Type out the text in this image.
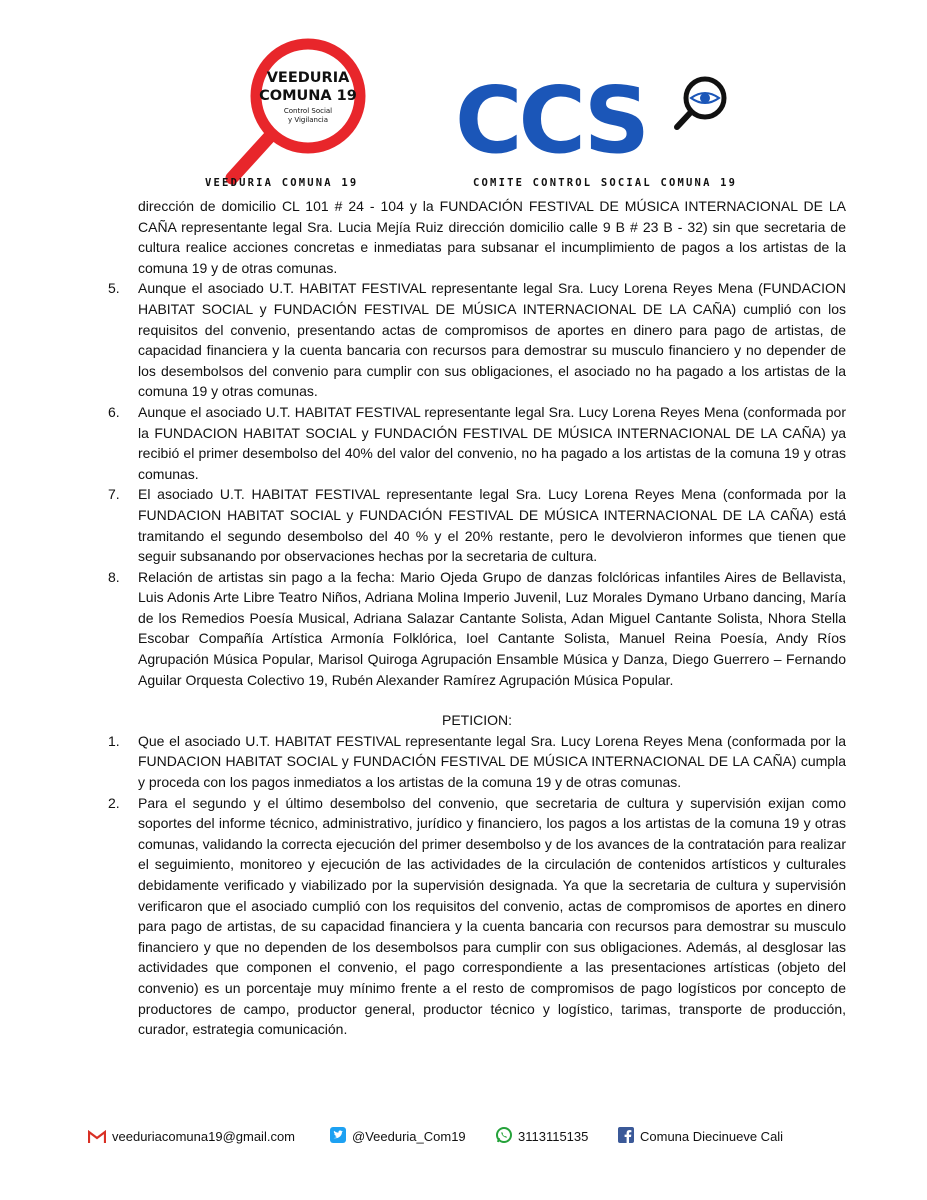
VEEDURIA
COMUNA 19
Control Social
y Vigilancia
VEEDURIA COMUNA 19
CCS
COMITE CONTROL SOCIAL COMUNA 19

dirección de domicilio CL 101 # 24 - 104 y la FUNDACIÓN FESTIVAL DE MÚSICA INTERNACIONAL DE LA CAÑA representante legal Sra. Lucia Mejía Ruiz dirección domicilio calle 9 B # 23 B - 32) sin que secretaria de cultura realice acciones concretas e inmediatas para subsanar el incumplimiento de pagos a los artistas de la comuna 19 y de otras comunas.

5.	Aunque el asociado U.T. HABITAT FESTIVAL representante legal Sra. Lucy Lorena Reyes Mena (FUNDACION HABITAT SOCIAL y FUNDACIÓN FESTIVAL DE MÚSICA INTERNACIONAL DE LA CAÑA) cumplió con los requisitos del convenio, presentando actas de compromisos de aportes en dinero para pago de artistas, de capacidad financiera y la cuenta bancaria con recursos para demostrar su musculo financiero y no depender de los desembolsos del convenio para cumplir con sus obligaciones, el asociado no ha pagado a los artistas de la comuna 19 y otras comunas.
6.	Aunque el asociado U.T. HABITAT FESTIVAL representante legal Sra. Lucy Lorena Reyes Mena (conformada por la FUNDACION HABITAT SOCIAL y FUNDACIÓN FESTIVAL DE MÚSICA INTERNACIONAL DE LA CAÑA) ya recibió el primer desembolso del 40% del valor del convenio, no ha pagado a los artistas de la comuna 19 y otras comunas.
7.	El asociado U.T. HABITAT FESTIVAL representante legal Sra. Lucy Lorena Reyes Mena (conformada por la FUNDACION HABITAT SOCIAL y FUNDACIÓN FESTIVAL DE MÚSICA INTERNACIONAL DE LA CAÑA) está tramitando el segundo desembolso del 40 % y el 20% restante, pero le devolvieron informes que tienen que seguir subsanando por observaciones hechas por la secretaria de cultura.
8.	Relación de artistas sin pago a la fecha: Mario Ojeda Grupo de danzas folclóricas infantiles Aires de Bellavista, Luis Adonis Arte Libre Teatro Niños, Adriana Molina Imperio Juvenil, Luz Morales Dymano Urbano dancing, María de los Remedios Poesía Musical, Adriana Salazar Cantante Solista, Adan Miguel Cantante Solista, Nhora Stella Escobar Compañía Artística Armonía Folklórica, Ioel Cantante Solista, Manuel Reina Poesía, Andy Ríos Agrupación Música Popular, Marisol Quiroga Agrupación Ensamble Música y Danza, Diego Guerrero – Fernando Aguilar Orquesta Colectivo 19, Rubén Alexander Ramírez Agrupación Música Popular.
PETICION:
1.	Que el asociado U.T. HABITAT FESTIVAL representante legal Sra. Lucy Lorena Reyes Mena (conformada por la FUNDACION HABITAT SOCIAL y FUNDACIÓN FESTIVAL DE MÚSICA INTERNACIONAL DE LA CAÑA) cumpla y proceda con los pagos inmediatos a los artistas de la comuna 19 y de otras comunas.
2.	Para el segundo y el último desembolso del convenio, que secretaria de cultura y supervisión exijan como soportes del informe técnico, administrativo, jurídico y financiero, los pagos a los artistas de la comuna 19 y otras comunas, validando la correcta ejecución del primer desembolso y de los avances de la contratación para realizar el seguimiento, monitoreo y ejecución de las actividades de la circulación de contenidos artísticos y culturales debidamente verificado y viabilizado por la supervisión designada. Ya que la secretaria de cultura y supervisión verificaron que el asociado cumplió con los requisitos del convenio, actas de compromisos de aportes en dinero para pago de artistas, de su capacidad financiera y la cuenta bancaria con recursos para demostrar su musculo financiero y que no dependen de los desembolsos para cumplir con sus obligaciones. Además, al desglosar las actividades que componen el convenio, el pago correspondiente a las presentaciones artísticas (objeto del convenio) es un porcentaje muy mínimo frente a el resto de compromisos de pago logísticos por concepto de productores de campo, productor general, productor técnico y logístico, tarimas, transporte de producción, curador, estrategia comunicación.
veeduriacomuna19@gmail.com	@Veeduria_Com19	3113115135	Comuna Diecinueve Cali
